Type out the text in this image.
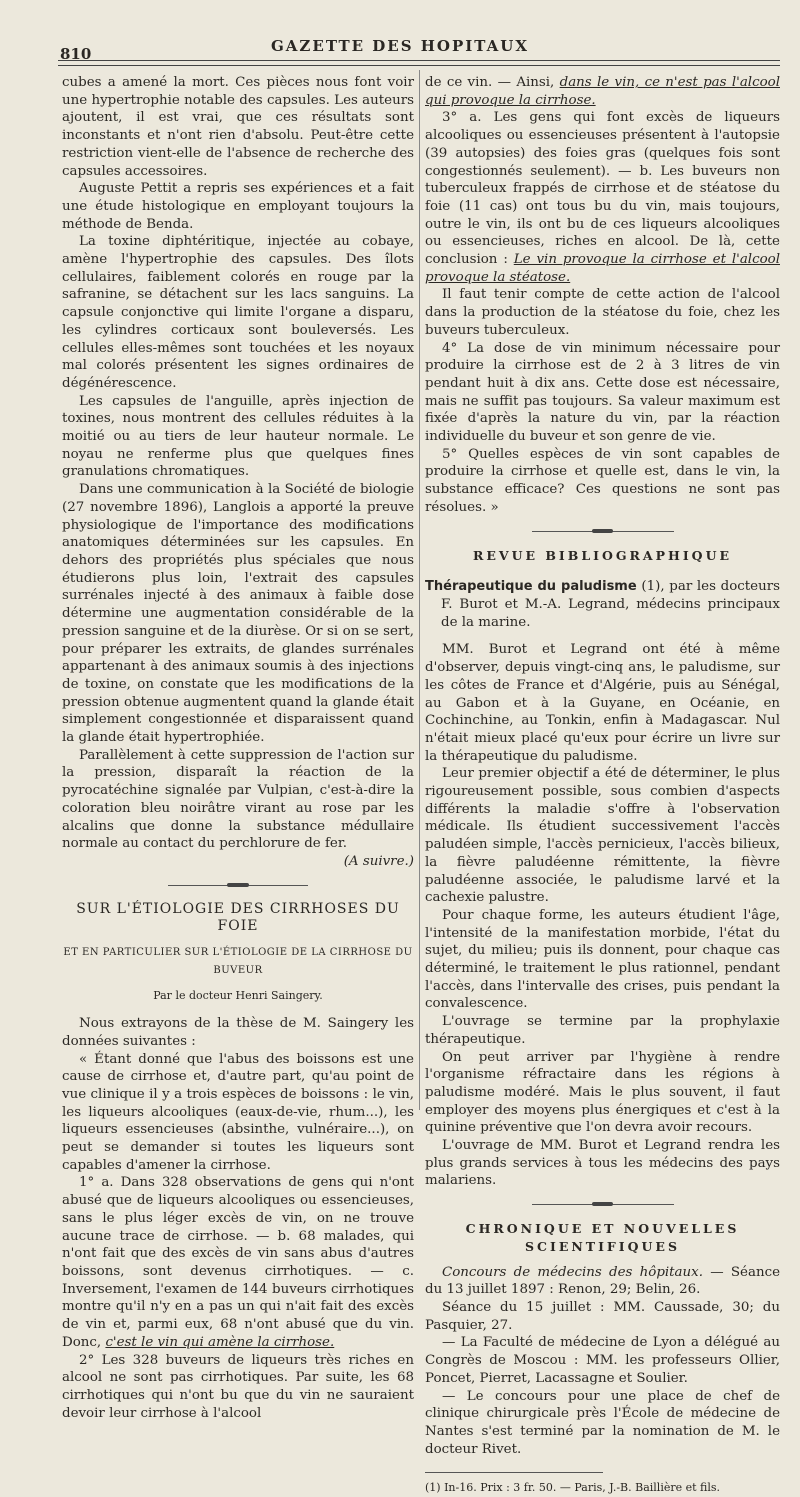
810	GAZETTE DES HOPITAUX

cubes a amené la mort. Ces pièces nous font voir une hypertrophie notable des capsules. Les auteurs ajoutent, il est vrai, que ces résultats sont inconstants et n'ont rien d'absolu. Peut-être cette restriction vient-elle de l'absence de recherche des capsules accessoires.

Auguste Pettit a repris ses expériences et a fait une étude histologique en employant toujours la méthode de Benda.

La toxine diphtéritique, injectée au cobaye, amène l'hypertrophie des capsules. Des îlots cellulaires, faiblement colorés en rouge par la safranine, se détachent sur les lacs sanguins. La capsule conjonctive qui limite l'organe a disparu, les cylindres corticaux sont bouleversés. Les cellules elles-mêmes sont touchées et les noyaux mal colorés présentent les signes ordinaires de dégénérescence.

Les capsules de l'anguille, après injection de toxines, nous montrent des cellules réduites à la moitié ou au tiers de leur hauteur normale. Le noyau ne renferme plus que quelques fines granulations chromatiques.

Dans une communication à la Société de biologie (27 novembre 1896), Langlois a apporté la preuve physiologique de l'importance des modifications anatomiques déterminées sur les capsules. En dehors des propriétés plus spéciales que nous étudierons plus loin, l'extrait des capsules surrénales injecté à des animaux à faible dose détermine une augmentation considérable de la pression sanguine et de la diurèse. Or si on se sert, pour préparer les extraits, de glandes surrénales appartenant à des animaux soumis à des injections de toxine, on constate que les modifications de la pression obtenue augmentent quand la glande était simplement congestionnée et disparaissent quand la glande était hypertrophiée.

Parallèlement à cette suppression de l'action sur la pression, disparaît la réaction de la pyrocatéchine signalée par Vulpian, c'est-à-dire la coloration bleu noirâtre virant au rose par les alcalins que donne la substance médullaire normale au contact du perchlorure de fer.
(A suivre.)

SUR L'ÉTIOLOGIE DES CIRRHOSES DU FOIE
ET EN PARTICULIER SUR L'ÉTIOLOGIE DE LA CIRRHOSE DU BUVEUR
Par le docteur Henri Saingery.

Nous extrayons de la thèse de M. Saingery les données suivantes :

« Étant donné que l'abus des boissons est une cause de cirrhose et, d'autre part, qu'au point de vue clinique il y a trois espèces de boissons : le vin, les liqueurs alcooliques (eaux-de-vie, rhum...), les liqueurs essencieuses (absinthe, vulnéraire...), on peut se demander si toutes les liqueurs sont capables d'amener la cirrhose.

1° a. Dans 328 observations de gens qui n'ont abusé que de liqueurs alcooliques ou essencieuses, sans le plus léger excès de vin, on ne trouve aucune trace de cirrhose. — b. 68 malades, qui n'ont fait que des excès de vin sans abus d'autres boissons, sont devenus cirrhotiques. — c. Inversement, l'examen de 144 buveurs cirrhotiques montre qu'il n'y en a pas un qui n'ait fait des excès de vin et, parmi eux, 68 n'ont abusé que du vin. Donc, c'est le vin qui amène la cirrhose.

2° Les 328 buveurs de liqueurs très riches en alcool ne sont pas cirrhotiques. Par suite, les 68 cirrhotiques qui n'ont bu que du vin ne sauraient devoir leur cirrhose à l'alcool

de ce vin. — Ainsi, dans le vin, ce n'est pas l'alcool qui provoque la cirrhose.

3° a. Les gens qui font excès de liqueurs alcooliques ou essencieuses présentent à l'autopsie (39 autopsies) des foies gras (quelques fois sont congestionnés seulement). — b. Les buveurs non tuberculeux frappés de cirrhose et de stéatose du foie (11 cas) ont tous bu du vin, mais toujours, outre le vin, ils ont bu de ces liqueurs alcooliques ou essencieuses, riches en alcool. De là, cette conclusion : Le vin provoque la cirrhose et l'alcool provoque la stéatose.

Il faut tenir compte de cette action de l'alcool dans la production de la stéatose du foie, chez les buveurs tuberculeux.

4° La dose de vin minimum nécessaire pour produire la cirrhose est de 2 à 3 litres de vin pendant huit à dix ans. Cette dose est nécessaire, mais ne suffit pas toujours. Sa valeur maximum est fixée d'après la nature du vin, par la réaction individuelle du buveur et son genre de vie.

5° Quelles espèces de vin sont capables de produire la cirrhose et quelle est, dans le vin, la substance efficace? Ces questions ne sont pas résolues. »

REVUE BIBLIOGRAPHIQUE

Thérapeutique du paludisme (1), par les docteurs F. Burot et M.-A. Legrand, médecins principaux de la marine.

MM. Burot et Legrand ont été à même d'observer, depuis vingt-cinq ans, le paludisme, sur les côtes de France et d'Algérie, puis au Sénégal, au Gabon et à la Guyane, en Océanie, en Cochinchine, au Tonkin, enfin à Madagascar. Nul n'était mieux placé qu'eux pour écrire un livre sur la thérapeutique du paludisme.

Leur premier objectif a été de déterminer, le plus rigoureusement possible, sous combien d'aspects différents la maladie s'offre à l'observation médicale. Ils étudient successivement l'accès paludéen simple, l'accès pernicieux, l'accès bilieux, la fièvre paludéenne rémittente, la fièvre paludéenne associée, le paludisme larvé et la cachexie palustre.

Pour chaque forme, les auteurs étudient l'âge, l'intensité de la manifestation morbide, l'état du sujet, du milieu; puis ils donnent, pour chaque cas déterminé, le traitement le plus rationnel, pendant l'accès, dans l'intervalle des crises, puis pendant la convalescence.

L'ouvrage se termine par la prophylaxie thérapeutique.

On peut arriver par l'hygiène à rendre l'organisme réfractaire dans les régions à paludisme modéré. Mais le plus souvent, il faut employer des moyens plus énergiques et c'est à la quinine préventive que l'on devra avoir recours.

L'ouvrage de MM. Burot et Legrand rendra les plus grands services à tous les médecins des pays malariens.

CHRONIQUE ET NOUVELLES SCIENTIFIQUES

Concours de médecins des hôpitaux. — Séance du 13 juillet 1897 : Renon, 29; Belin, 26.

Séance du 15 juillet : MM. Caussade, 30; du Pasquier, 27.

— La Faculté de médecine de Lyon a délégué au Congrès de Moscou : MM. les professeurs Ollier, Poncet, Pierret, Lacassagne et Soulier.

— Le concours pour une place de chef de clinique chirurgicale près l'École de médecine de Nantes s'est terminé par la nomination de M. le docteur Rivet.

(1) In-16. Prix : 3 fr. 50. — Paris, J.-B. Baillière et fils.
